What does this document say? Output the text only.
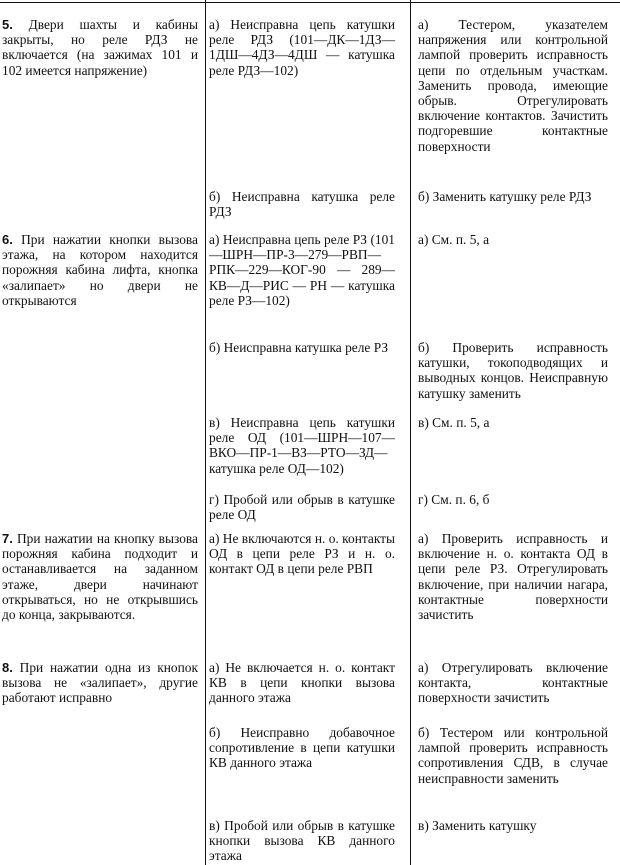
5. Двери шахты и кабины закрыты, но реле РДЗ не включается (на зажимах 101 и 102 имеется напряжение)
а) Неисправна цепь катушки реле РДЗ (101—ДК—1ДЗ—1ДШ—4ДЗ—4ДШ — катушка реле РДЗ—102)
а) Тестером, указателем напряжения или контрольной лампой проверить исправность цепи по отдельным участкам. Заменить провода, имеющие обрыв. Отрегулировать включение контактов. Зачистить подгоревшие контактные поверхности
б) Неисправна катушка реле РДЗ
б) Заменить катушку реле РДЗ
6. При нажатии кнопки вызова этажа, на котором находится порожняя кабина лифта, кнопка «залипает» но двери не открываются
а) Неисправна цепь реле РЗ (101—ШРН—ПР-3—279—РВП—РПК—229—КОГ-90 — 289—КВ—Д—РИС — РН — катушка реле РЗ—102)
а) См. п. 5, а
б) Неисправна катушка реле РЗ	б) Проверить исправность катушки, токоподводящих и выводных концов. Неисправную катушку заменить
в) Неисправна цепь катушки реле ОД (101—ШРН—107—ВКО—ПР-1—ВЗ—РТО—ЗД— катушка реле ОД—102)
в) См. п. 5, а
г) Пробой или обрыв в катушке реле ОД
г) См. п. 6, б
7. При нажатии на кнопку вызова порожняя кабина подходит и останавливается на заданном этаже, двери начинают открываться, но не открывшись до конца, закрываются.
а) Не включаются н. о. контакты ОД в цепи реле РЗ и н. о. контакт ОД в цепи реле РВП
а) Проверить исправность и включение н. о. контакта ОД в цепи реле РЗ. Отрегулировать включение, при наличии нагара, контактные поверхности зачистить
8. При нажатии одна из кнопок вызова не «залипает», другие работают исправно
а) Не включается н. о. контакт КВ в цепи кнопки вызова данного этажа
а) Отрегулировать включение контакта, контактные поверхности зачистить
б) Неисправно добавочное сопротивление в цепи катушки КВ данного этажа
б) Тестером или контрольной лампой проверить исправность сопротивления СДВ, в случае неисправности заменить
в) Пробой или обрыв в катушке кнопки вызова КВ данного этажа
в) Заменить катушку
